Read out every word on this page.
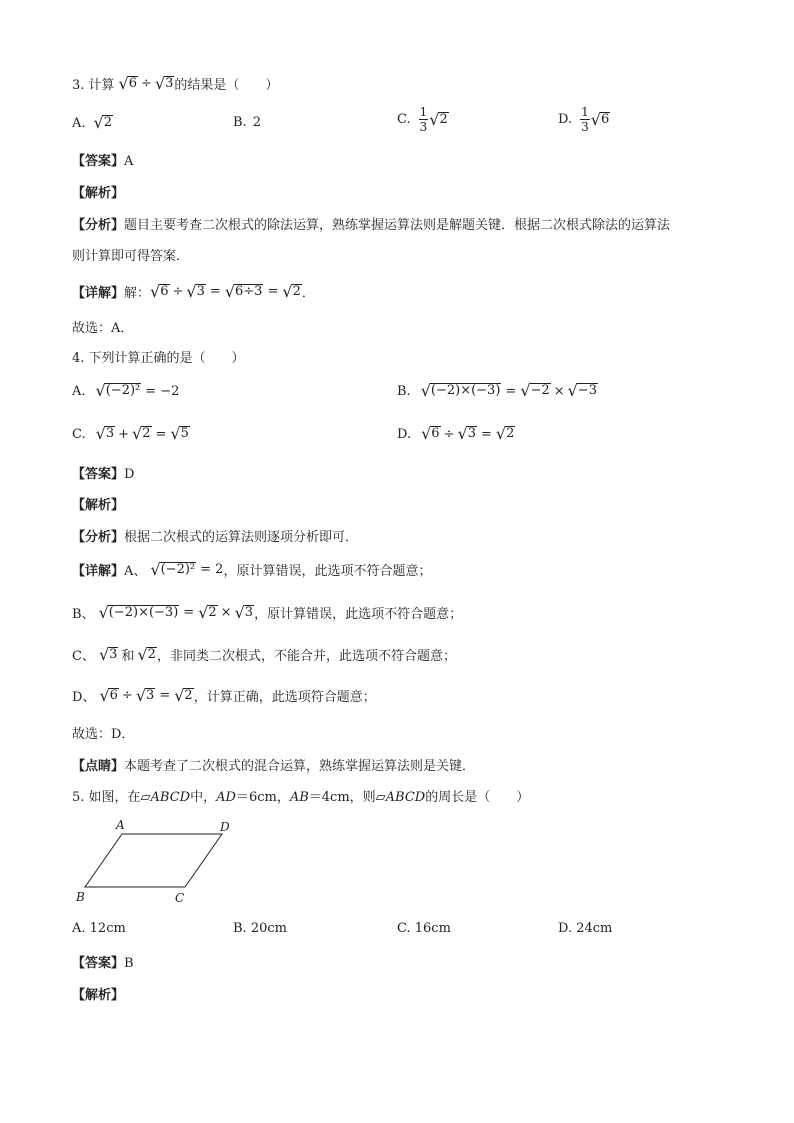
3. 计算 √ 6 ÷ √ 3 的结果是（　　）
A. √ 2	B. 2	C. $\frac{1}{3}$ √ 2	D. $\frac{1}{3}$ √ 6
【答案】A
【解析】
【分析】题目主要考查二次根式的除法运算，熟练掌握运算法则是解题关键．根据二次根式除法的运算法
则计算即可得答案．
【详解】 解： √ 6 ÷ √ 3 = √ 6÷3 = √ 2 ．
故选：A．
4. 下列计算正确的是（　　）
A. √ (−2)² = −2	B. √ (−2)×(−3) = √ −2 × √ −3
C. √ 3 + √ 2 = √ 5	D. √ 6 ÷ √ 3 = √ 2
【答案】D
【解析】
【分析】根据二次根式的运算法则逐项分析即可．
【详解】 A、 √ (−2)² = 2 ，原计算错误，此选项不符合题意；
B、 √ (−2)×(−3) = √ 2 × √ 3 ，原计算错误，此选项不符合题意；
C、 √ 3 和 √ 2 ，非同类二次根式，不能合并，此选项不符合题意；
D、 √ 6 ÷ √ 3 = √ 2 ，计算正确，此选项符合题意；
故选：D．
【点睛】本题考查了二次根式的混合运算，熟练掌握运算法则是关键．
5. 如图，在▱ABCD中，AD＝6cm，AB＝4cm，则▱ABCD的周长是（　　）
A	D
B	C
A. 12cm	B. 20cm	C. 16cm	D. 24cm
【答案】B
【解析】
